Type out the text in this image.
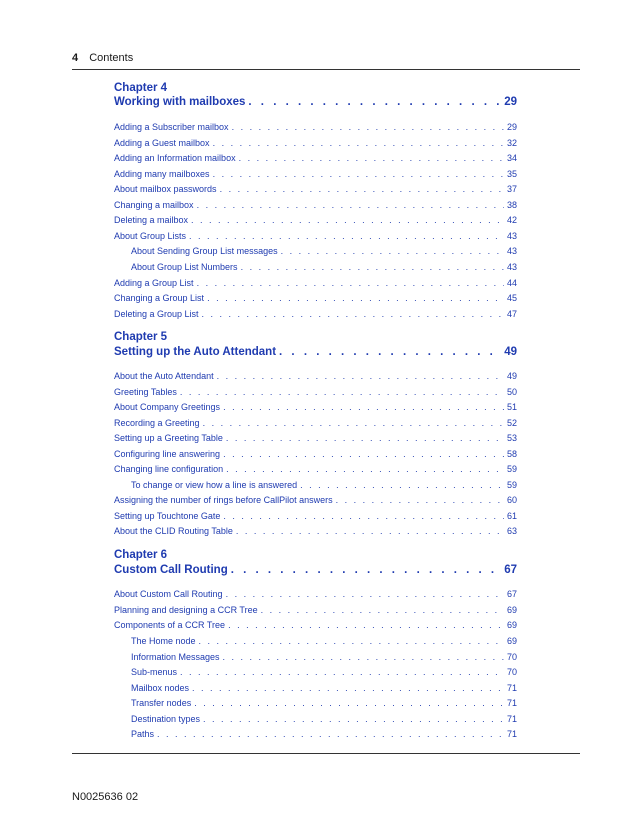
4 Contents
Chapter 4
Working with mailboxes . . .	29
Adding a Subscriber mailbox . . .	29
Adding a Guest mailbox . . .	32
Adding an Information mailbox . . .	34
Adding many mailboxes . . .	35
About mailbox passwords . . .	37
Changing a mailbox . . .	38
Deleting a mailbox . . .	42
About Group Lists . . .	43
About Sending Group List messages . . .	43
About Group List Numbers . . .	43
Adding a Group List . . .	44
Changing a Group List . . .	45
Deleting a Group List . . .	47
Chapter 5
Setting up the Auto Attendant . . .	49
About the Auto Attendant . . .	49
Greeting Tables . . .	50
About Company Greetings . . .	51
Recording a Greeting . . .	52
Setting up a Greeting Table . . .	53
Configuring line answering . . .	58
Changing line configuration . . .	59
To change or view how a line is answered . . .	59
Assigning the number of rings before CallPilot answers . . .	60
Setting up Touchtone Gate . . .	61
About the CLID Routing Table . . .	63
Chapter 6
Custom Call Routing . . .	67
About Custom Call Routing . . .	67
Planning and designing a CCR Tree . . .	69
Components of a CCR Tree . . .	69
The Home node . . .	69
Information Messages . . .	70
Sub-menus . . .	70
Mailbox nodes . . .	71
Transfer nodes . . .	71
Destination types . . .	71
Paths . . .	71
N0025636 02
